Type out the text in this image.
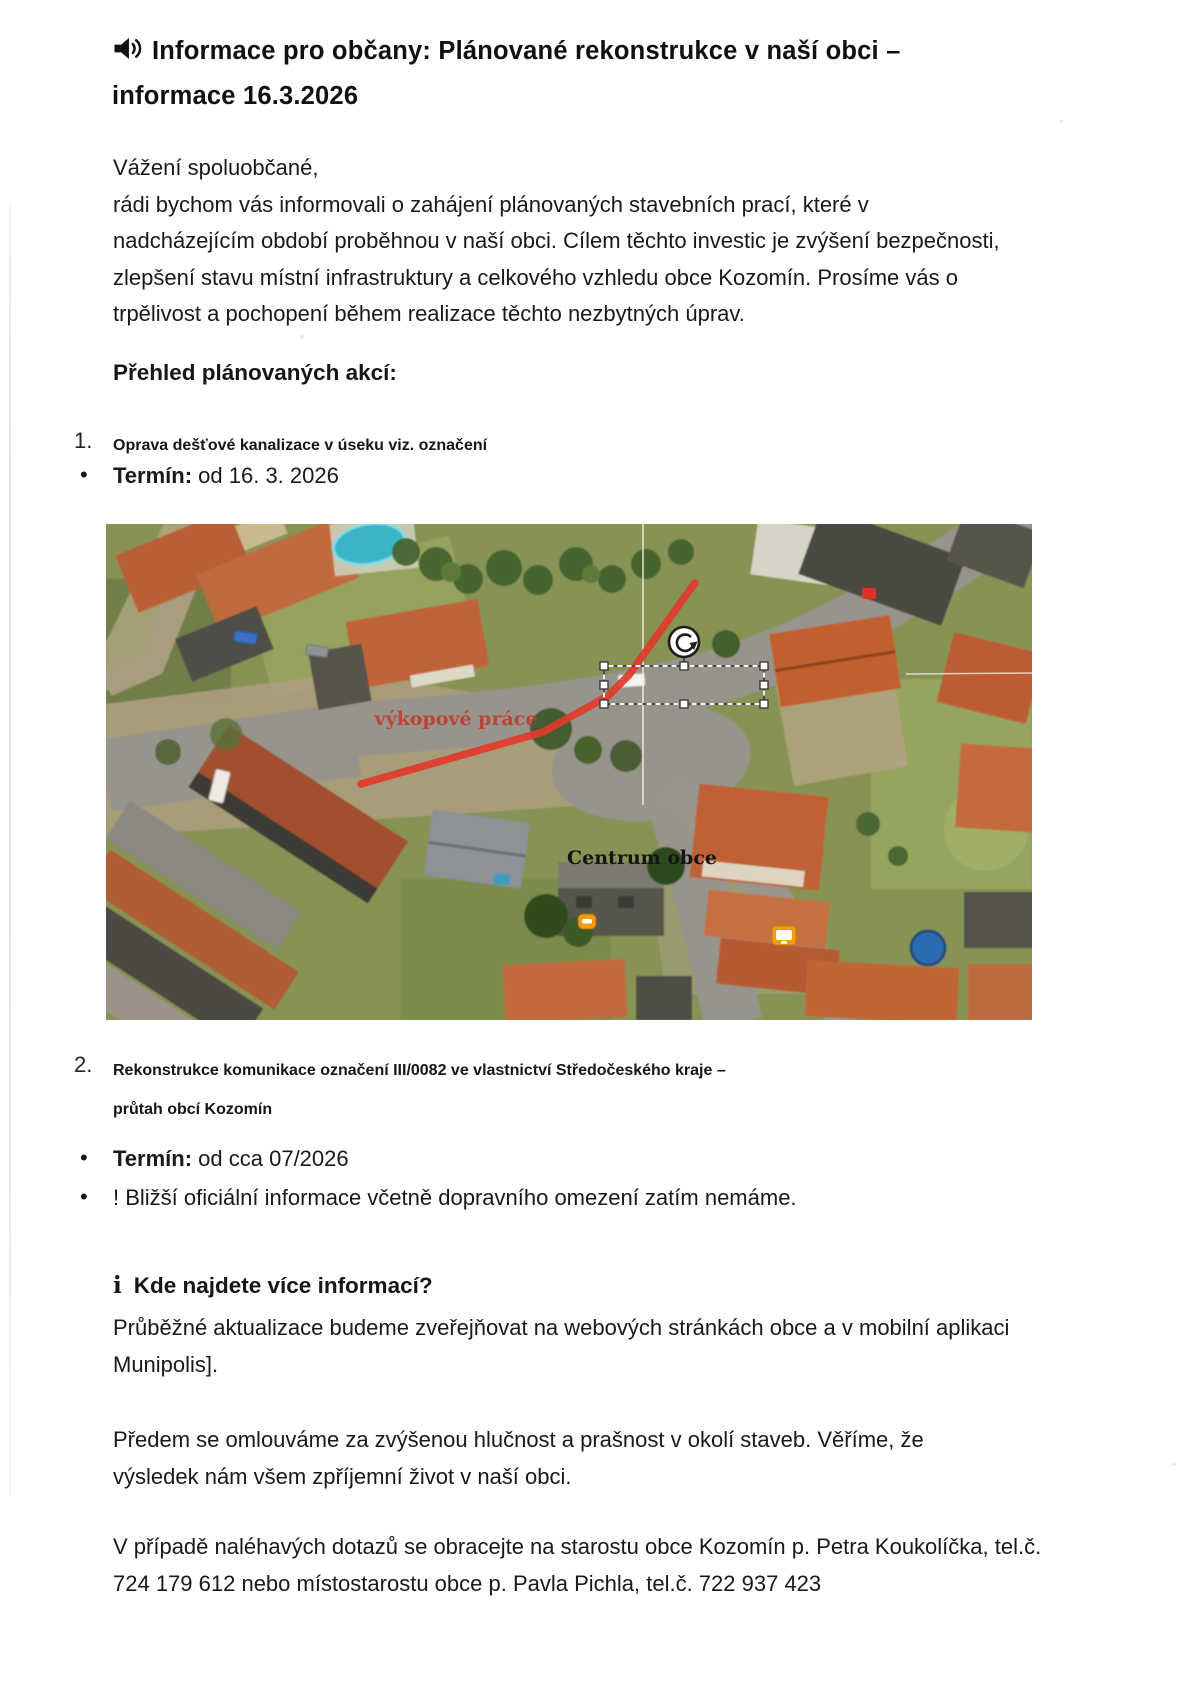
Informace pro občany: Plánované rekonstrukce v naší obci –
informace 16.3.2026
Vážení spoluobčané,
rádi bychom vás informovali o zahájení plánovaných stavebních prací, které v nadcházejícím období proběhnou v naší obci. Cílem těchto investic je zvýšení bezpečnosti, zlepšení stavu místní infrastruktury a celkového vzhledu obce Kozomín. Prosíme vás o trpělivost a pochopení během realizace těchto nezbytných úprav.
Přehled plánovaných akcí:
1. Oprava dešťové kanalizace v úseku viz. označení
• Termín: od 16. 3. 2026
výkopové práce
Centrum obce
2. Rekonstrukce komunikace označení III/0082 ve vlastnictví Středočeského kraje –
průtah obcí Kozomín
• Termín: od cca 07/2026
• ! Bližší oficiální informace včetně dopravního omezení zatím nemáme.
i Kde najdete více informací?
Průběžné aktualizace budeme zveřejňovat na webových stránkách obce a v mobilní aplikaci Munipolis].
Předem se omlouváme za zvýšenou hlučnost a prašnost v okolí staveb. Věříme, že výsledek nám všem zpříjemní život v naší obci.
V případě naléhavých dotazů se obracejte na starostu obce Kozomín p. Petra Koukolíčka, tel.č. 724 179 612 nebo místostarostu obce p. Pavla Pichla, tel.č. 722 937 423
